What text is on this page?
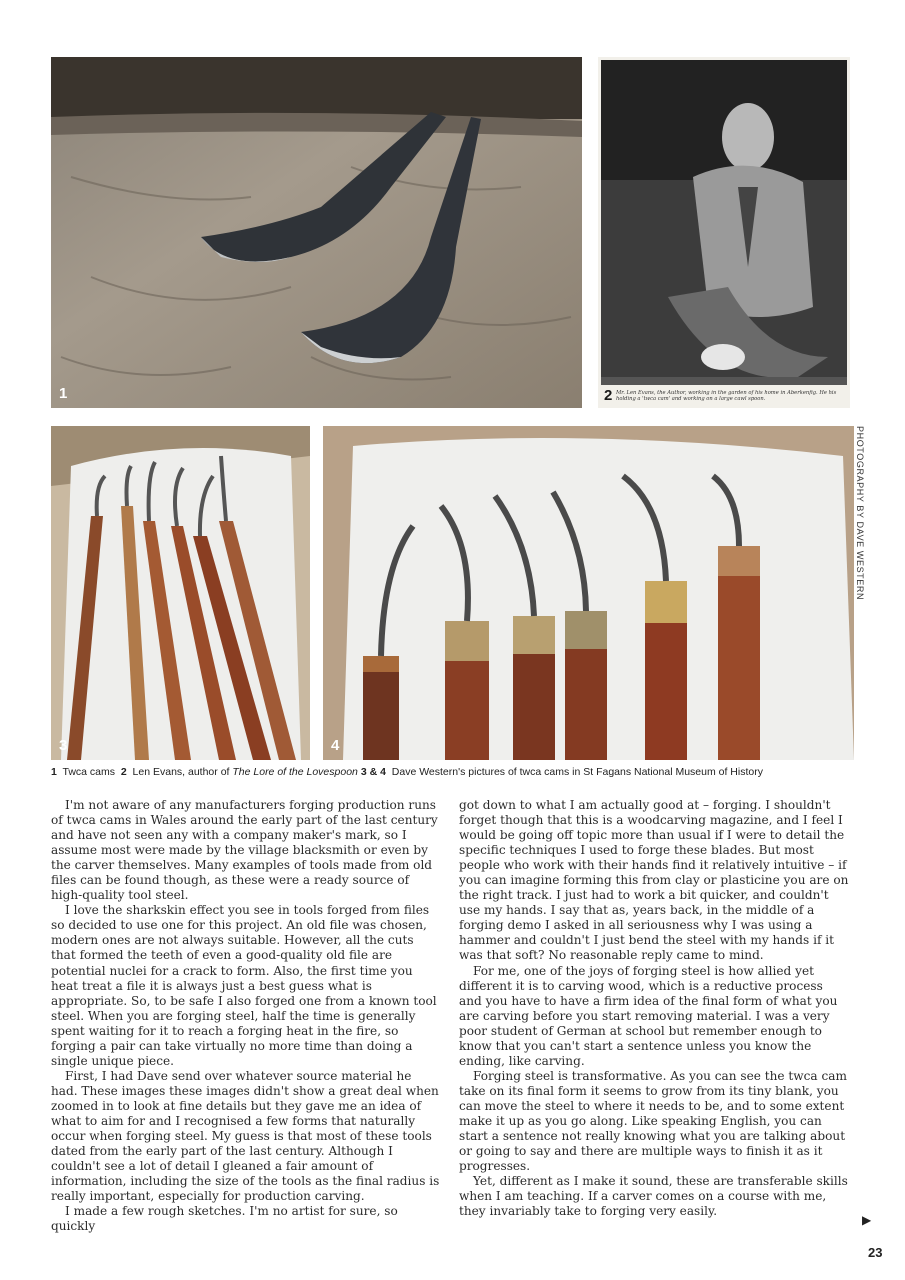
1	2 Mr. Len Evans, the Author, working in the garden of his home in Aberkenfig. He his holding a 'twca cam' and working on a large cawl spoon.
3	4
PHOTOGRAPHY BY DAVE WESTERN
1 Twca cams 2 Len Evans, author of The Lore of the Lovespoon 3 & 4 Dave Western's pictures of twca cams in St Fagans National Museum of History

I'm not aware of any manufacturers forging production runs of twca cams in Wales around the early part of the last century and have not seen any with a company maker's mark, so I assume most were made by the village blacksmith or even by the carver themselves. Many examples of tools made from old files can be found though, as these were a ready source of high-quality tool steel.

I love the sharkskin effect you see in tools forged from files so decided to use one for this project. An old file was chosen, modern ones are not always suitable. However, all the cuts that formed the teeth of even a good-quality old file are potential nuclei for a crack to form. Also, the first time you heat treat a file it is always just a best guess what is appropriate. So, to be safe I also forged one from a known tool steel. When you are forging steel, half the time is generally spent waiting for it to reach a forging heat in the fire, so forging a pair can take virtually no more time than doing a single unique piece.

First, I had Dave send over whatever source material he had. These images these images didn't show a great deal when zoomed in to look at fine details but they gave me an idea of what to aim for and I recognised a few forms that naturally occur when forging steel. My guess is that most of these tools dated from the early part of the last century. Although I couldn't see a lot of detail I gleaned a fair amount of information, including the size of the tools as the final radius is really important, especially for production carving.

I made a few rough sketches. I'm no artist for sure, so quickly

got down to what I am actually good at – forging. I shouldn't forget though that this is a woodcarving magazine, and I feel I would be going off topic more than usual if I were to detail the specific techniques I used to forge these blades. But most people who work with their hands find it relatively intuitive – if you can imagine forming this from clay or plasticine you are on the right track. I just had to work a bit quicker, and couldn't use my hands. I say that as, years back, in the middle of a forging demo I asked in all seriousness why I was using a hammer and couldn't I just bend the steel with my hands if it was that soft? No reasonable reply came to mind.

For me, one of the joys of forging steel is how allied yet different it is to carving wood, which is a reductive process and you have to have a firm idea of the final form of what you are carving before you start removing material. I was a very poor student of German at school but remember enough to know that you can't start a sentence unless you know the ending, like carving.

Forging steel is transformative. As you can see the twca cam take on its final form it seems to grow from its tiny blank, you can move the steel to where it needs to be, and to some extent make it up as you go along. Like speaking English, you can start a sentence not really knowing what you are talking about or going to say and there are multiple ways to finish it as it progresses.

Yet, different as I make it sound, these are transferable skills when I am teaching. If a carver comes on a course with me, they invariably take to forging very easily.

▶
23
